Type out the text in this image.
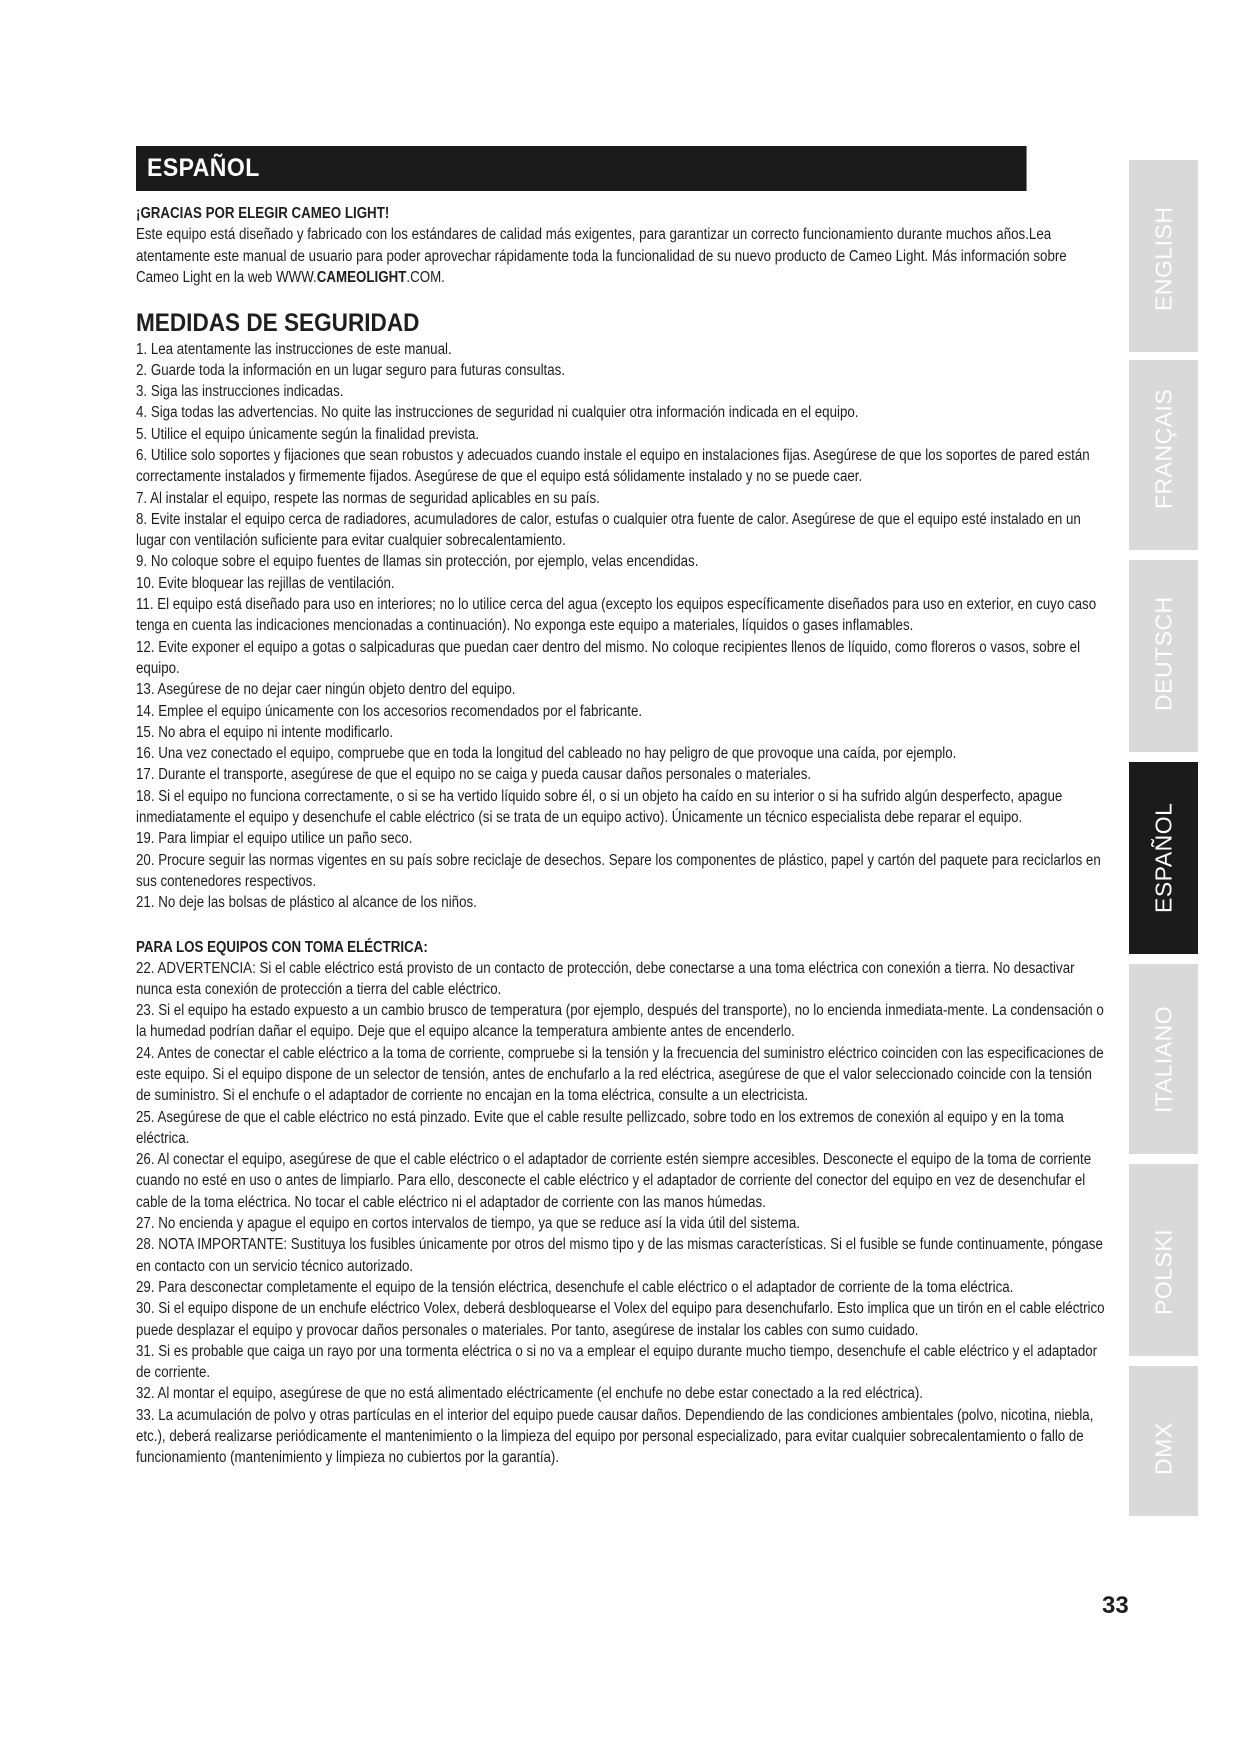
ESPAÑOL
¡GRACIAS POR ELEGIR CAMEO LIGHT!

Este equipo está diseñado y fabricado con los estándares de calidad más exigentes, para garantizar un correcto funcionamiento durante muchos años.Lea atentamente este manual de usuario para poder aprovechar rápidamente toda la funcionalidad de su nuevo producto de Cameo Light. Más información sobre Cameo Light en la web WWW.CAMEOLIGHT.COM.

MEDIDAS DE SEGURIDAD
1. Lea atentamente las instrucciones de este manual.
2. Guarde toda la información en un lugar seguro para futuras consultas.
3. Siga las instrucciones indicadas.
4. Siga todas las advertencias. No quite las instrucciones de seguridad ni cualquier otra información indicada en el equipo.
5. Utilice el equipo únicamente según la finalidad prevista.
6. Utilice solo soportes y fijaciones que sean robustos y adecuados cuando instale el equipo en instalaciones fijas. Asegúrese de que los soportes de pared están correctamente instalados y firmemente fijados. Asegúrese de que el equipo está sólidamente instalado y no se puede caer.
7. Al instalar el equipo, respete las normas de seguridad aplicables en su país.
8. Evite instalar el equipo cerca de radiadores, acumuladores de calor, estufas o cualquier otra fuente de calor. Asegúrese de que el equipo esté instalado en un lugar con ventilación suficiente para evitar cualquier sobrecalentamiento.
9. No coloque sobre el equipo fuentes de llamas sin protección, por ejemplo, velas encendidas.
10. Evite bloquear las rejillas de ventilación.
11. El equipo está diseñado para uso en interiores; no lo utilice cerca del agua (excepto los equipos específicamente diseñados para uso en exterior, en cuyo caso tenga en cuenta las indicaciones mencionadas a continuación). No exponga este equipo a materiales, líquidos o gases inflamables.
12. Evite exponer el equipo a gotas o salpicaduras que puedan caer dentro del mismo. No coloque recipientes llenos de líquido, como floreros o vasos, sobre el equipo.
13. Asegúrese de no dejar caer ningún objeto dentro del equipo.
14. Emplee el equipo únicamente con los accesorios recomendados por el fabricante.
15. No abra el equipo ni intente modificarlo.
16. Una vez conectado el equipo, compruebe que en toda la longitud del cableado no hay peligro de que provoque una caída, por ejemplo.
17. Durante el transporte, asegúrese de que el equipo no se caiga y pueda causar daños personales o materiales.
18. Si el equipo no funciona correctamente, o si se ha vertido líquido sobre él, o si un objeto ha caído en su interior o si ha sufrido algún desperfecto, apague inmediatamente el equipo y desenchufe el cable eléctrico (si se trata de un equipo activo). Únicamente un técnico especialista debe reparar el equipo.
19. Para limpiar el equipo utilice un paño seco.
20. Procure seguir las normas vigentes en su país sobre reciclaje de desechos. Separe los componentes de plástico, papel y cartón del paquete para reciclarlos en sus contenedores respectivos.
21. No deje las bolsas de plástico al alcance de los niños.
PARA LOS EQUIPOS CON TOMA ELÉCTRICA:
22. ADVERTENCIA: Si el cable eléctrico está provisto de un contacto de protección, debe conectarse a una toma eléctrica con conexión a tierra. No desactivar nunca esta conexión de protección a tierra del cable eléctrico.
23. Si el equipo ha estado expuesto a un cambio brusco de temperatura (por ejemplo, después del transporte), no lo encienda inmediata-mente. La condensación o la humedad podrían dañar el equipo. Deje que el equipo alcance la temperatura ambiente antes de encenderlo.
24. Antes de conectar el cable eléctrico a la toma de corriente, compruebe si la tensión y la frecuencia del suministro eléctrico coinciden con las especificaciones de este equipo. Si el equipo dispone de un selector de tensión, antes de enchufarlo a la red eléctrica, asegúrese de que el valor seleccionado coincide con la tensión de suministro. Si el enchufe o el adaptador de corriente no encajan en la toma eléctrica, consulte a un electricista.
25. Asegúrese de que el cable eléctrico no está pinzado. Evite que el cable resulte pellizcado, sobre todo en los extremos de conexión al equipo y en la toma eléctrica.
26. Al conectar el equipo, asegúrese de que el cable eléctrico o el adaptador de corriente estén siempre accesibles. Desconecte el equipo de la toma de corriente cuando no esté en uso o antes de limpiarlo. Para ello, desconecte el cable eléctrico y el adaptador de corriente del conector del equipo en vez de desenchufar el cable de la toma eléctrica. No tocar el cable eléctrico ni el adaptador de corriente con las manos húmedas.
27. No encienda y apague el equipo en cortos intervalos de tiempo, ya que se reduce así la vida útil del sistema.
28. NOTA IMPORTANTE: Sustituya los fusibles únicamente por otros del mismo tipo y de las mismas características. Si el fusible se funde continuamente, póngase en contacto con un servicio técnico autorizado.
29. Para desconectar completamente el equipo de la tensión eléctrica, desenchufe el cable eléctrico o el adaptador de corriente de la toma eléctrica.
30. Si el equipo dispone de un enchufe eléctrico Volex, deberá desbloquearse el Volex del equipo para desenchufarlo. Esto implica que un tirón en el cable eléctrico puede desplazar el equipo y provocar daños personales o materiales. Por tanto, asegúrese de instalar los cables con sumo cuidado.
31. Si es probable que caiga un rayo por una tormenta eléctrica o si no va a emplear el equipo durante mucho tiempo, desenchufe el cable eléctrico y el adaptador de corriente.
32. Al montar el equipo, asegúrese de que no está alimentado eléctricamente (el enchufe no debe estar conectado a la red eléctrica).
33. La acumulación de polvo y otras partículas en el interior del equipo puede causar daños. Dependiendo de las condiciones ambientales (polvo, nicotina, niebla, etc.), deberá realizarse periódicamente el mantenimiento o la limpieza del equipo por personal especializado, para evitar cualquier sobrecalentamiento o fallo de funcionamiento (mantenimiento y limpieza no cubiertos por la garantía).
ENGLISH
FRANÇAIS
DEUTSCH
ESPAÑOL
ITALIANO
POLSKI
DMX
33
